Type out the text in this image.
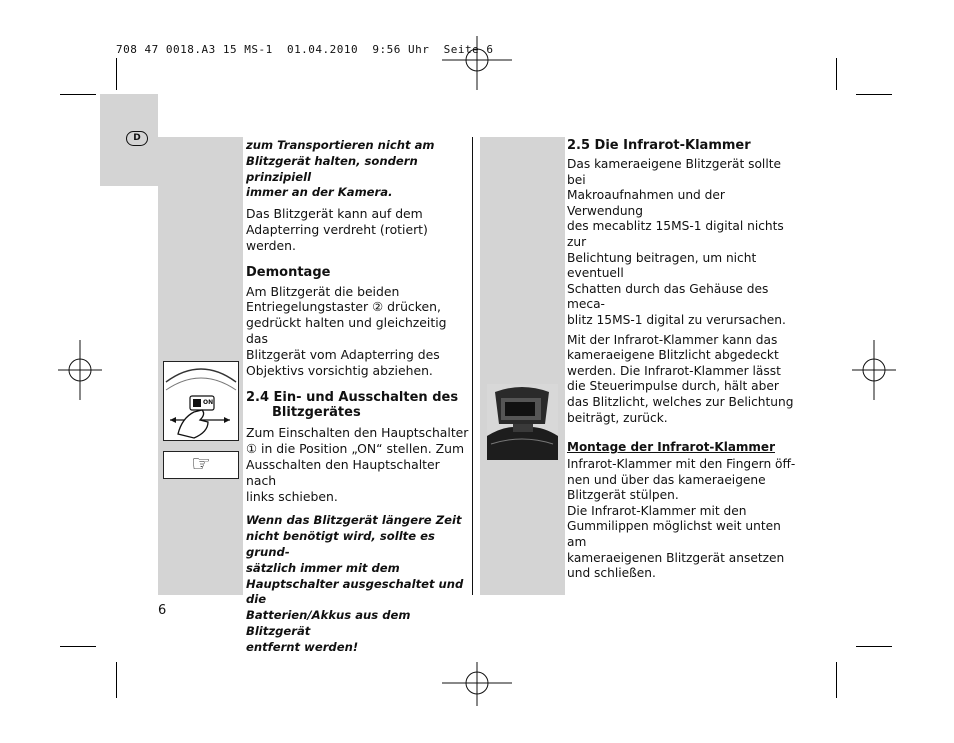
708 47 0018.A3 15 MS-1  01.04.2010  9:56 Uhr  Seite 6
D	zum Transportieren nicht am

Blitzgerät halten, sondern prinzipiell

immer an der Kamera.

Das Blitzgerät kann auf dem

Adapterring verdreht (rotiert) werden.

Demontage

Am Blitzgerät die beiden

Entriegelungstaster ② drücken,

gedrückt halten und gleichzeitig das

Blitzgerät vom Adapterring des

Objektivs vorsichtig abziehen.

2.4 Ein- und Ausschalten des

Blitzgerätes

Zum Einschalten den Hauptschalter

① in die Position „ON“ stellen. Zum

Ausschalten den Hauptschalter nach

links schieben.

Wenn das Blitzgerät längere Zeit

nicht benötigt wird, sollte es grund-

sätzlich immer mit dem

Hauptschalter ausgeschaltet und die

Batterien/Akkus aus dem Blitzgerät

entfernt werden!

ON
☞
2.5 Die Infrarot-Klammer

Das kameraeigene Blitzgerät sollte bei

Makroaufnahmen und der Verwendung

des mecablitz 15MS-1 digital nichts zur

Belichtung beitragen, um nicht eventuell

Schatten durch das Gehäuse des meca-

blitz 15MS-1 digital zu verursachen.

Mit der Infrarot-Klammer kann das

kameraeigene Blitzlicht abgedeckt

werden. Die Infrarot-Klammer lässt

die Steuerimpulse durch, hält aber

das Blitzlicht, welches zur Belichtung

beiträgt, zurück.

Montage der Infrarot-Klammer

Infrarot-Klammer mit den Fingern öff-

nen und über das kameraeigene

Blitzgerät stülpen.

Die Infrarot-Klammer mit den

Gummilippen möglichst weit unten am

kameraeigenen Blitzgerät ansetzen

und schließen.

6
